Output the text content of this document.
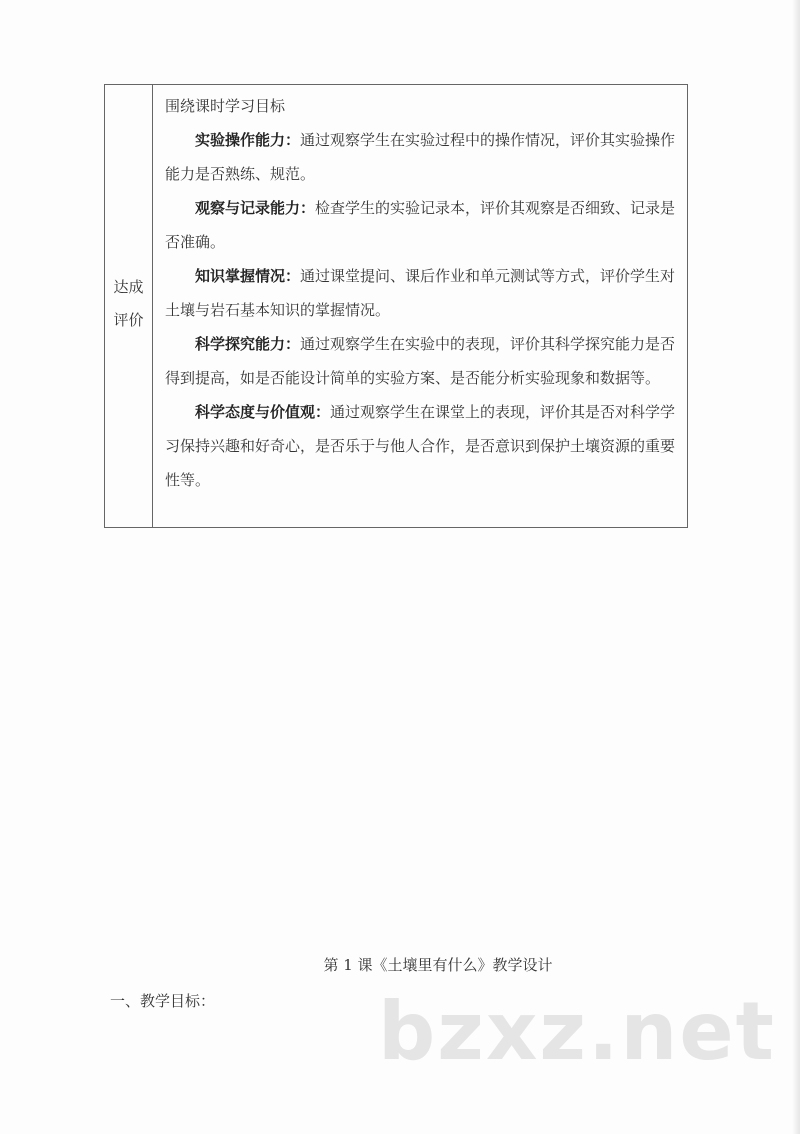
达成
评价

围绕课时学习目标

实验操作能力：通过观察学生在实验过程中的操作情况，评价其实验操作能力是否熟练、规范。

观察与记录能力：检查学生的实验记录本，评价其观察是否细致、记录是否准确。

知识掌握情况：通过课堂提问、课后作业和单元测试等方式，评价学生对土壤与岩石基本知识的掌握情况。

科学探究能力：通过观察学生在实验中的表现，评价其科学探究能力是否得到提高，如是否能设计简单的实验方案、是否能分析实验现象和数据等。

科学态度与价值观：通过观察学生在课堂上的表现，评价其是否对科学学习保持兴趣和好奇心，是否乐于与他人合作，是否意识到保护土壤资源的重要性等。

第 1 课《土壤里有什么》教学设计
一、教学目标： bzxz.net
